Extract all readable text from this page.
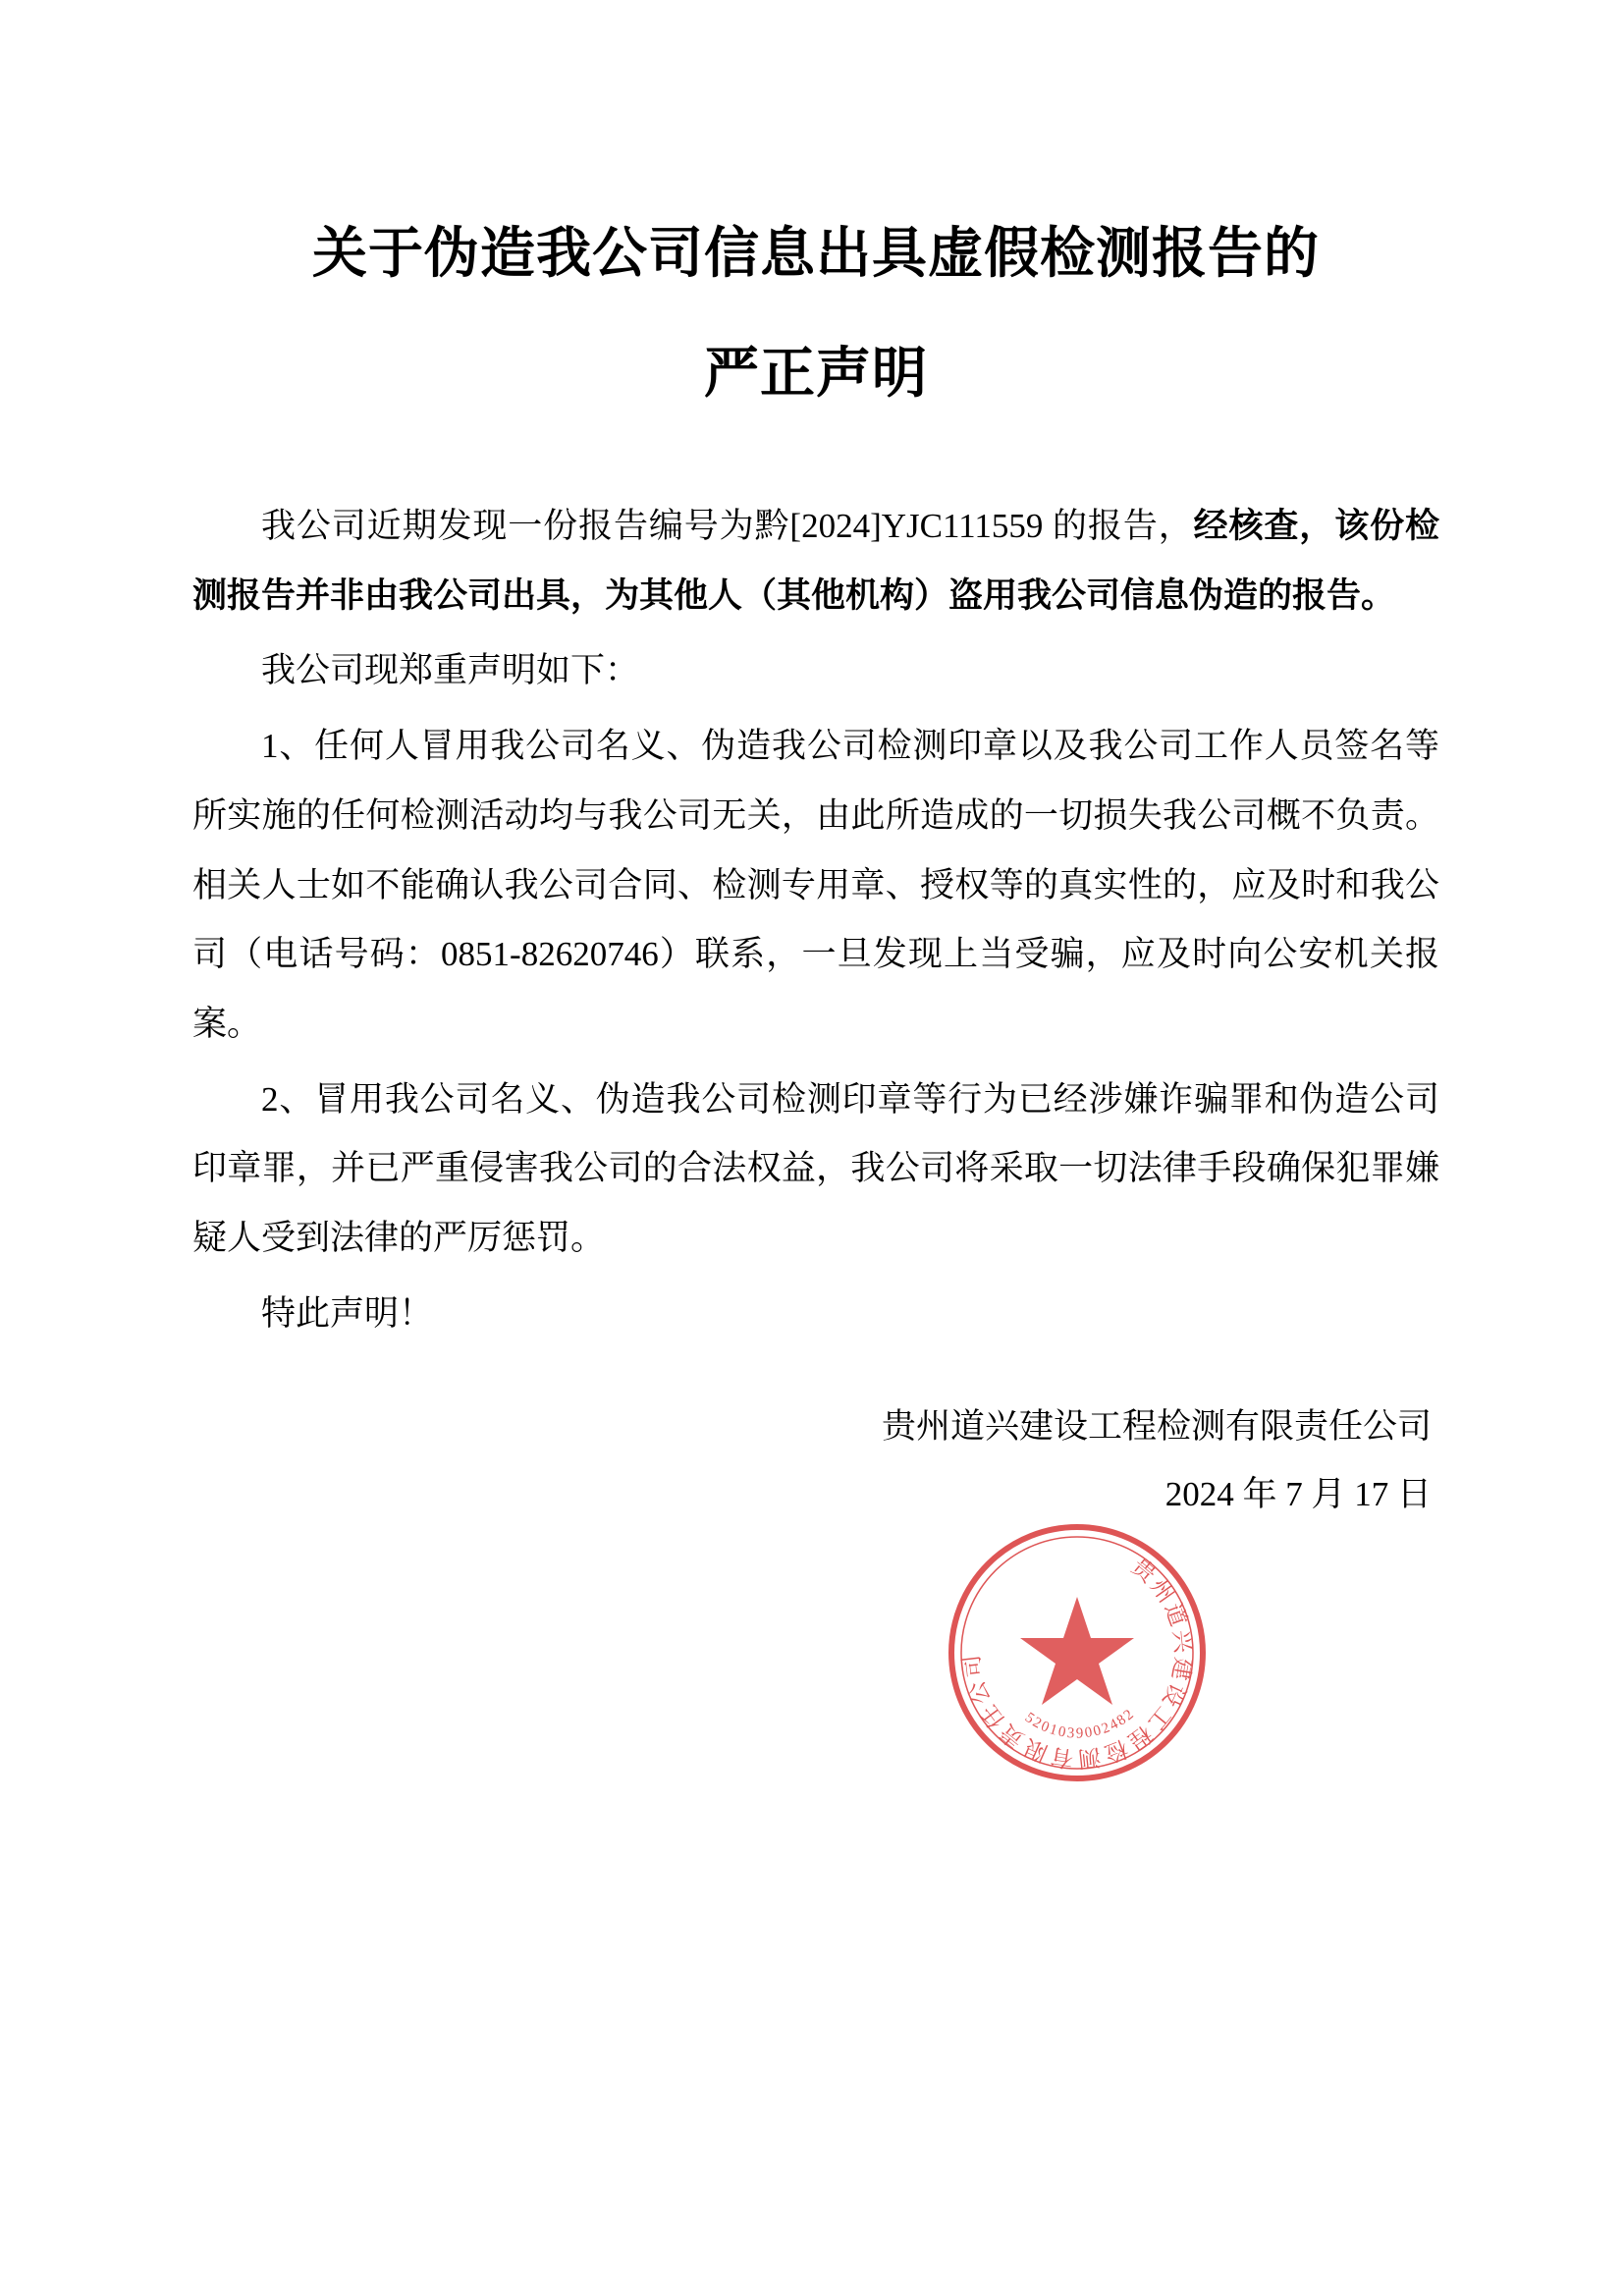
关于伪造我公司信息出具虚假检测报告的
严正声明

我公司近期发现一份报告编号为黔[2024]YJC111559 的报告，经核查，该份检测报告并非由我公司出具，为其他人（其他机构）盗用我公司信息伪造的报告。

我公司现郑重声明如下：

1、任何人冒用我公司名义、伪造我公司检测印章以及我公司工作人员签名等所实施的任何检测活动均与我公司无关，由此所造成的一切损失我公司概不负责。相关人士如不能确认我公司合同、检测专用章、授权等的真实性的，应及时和我公司（电话号码：0851-82620746）联系，一旦发现上当受骗，应及时向公安机关报案。

2、冒用我公司名义、伪造我公司检测印章等行为已经涉嫌诈骗罪和伪造公司印章罪，并已严重侵害我公司的合法权益，我公司将采取一切法律手段确保犯罪嫌疑人受到法律的严厉惩罚。

特此声明！

贵州道兴建设工程检测有限责任公司
2024 年 7 月 17 日
贵州道兴建设工程检测有限责任公司
5201039002482
